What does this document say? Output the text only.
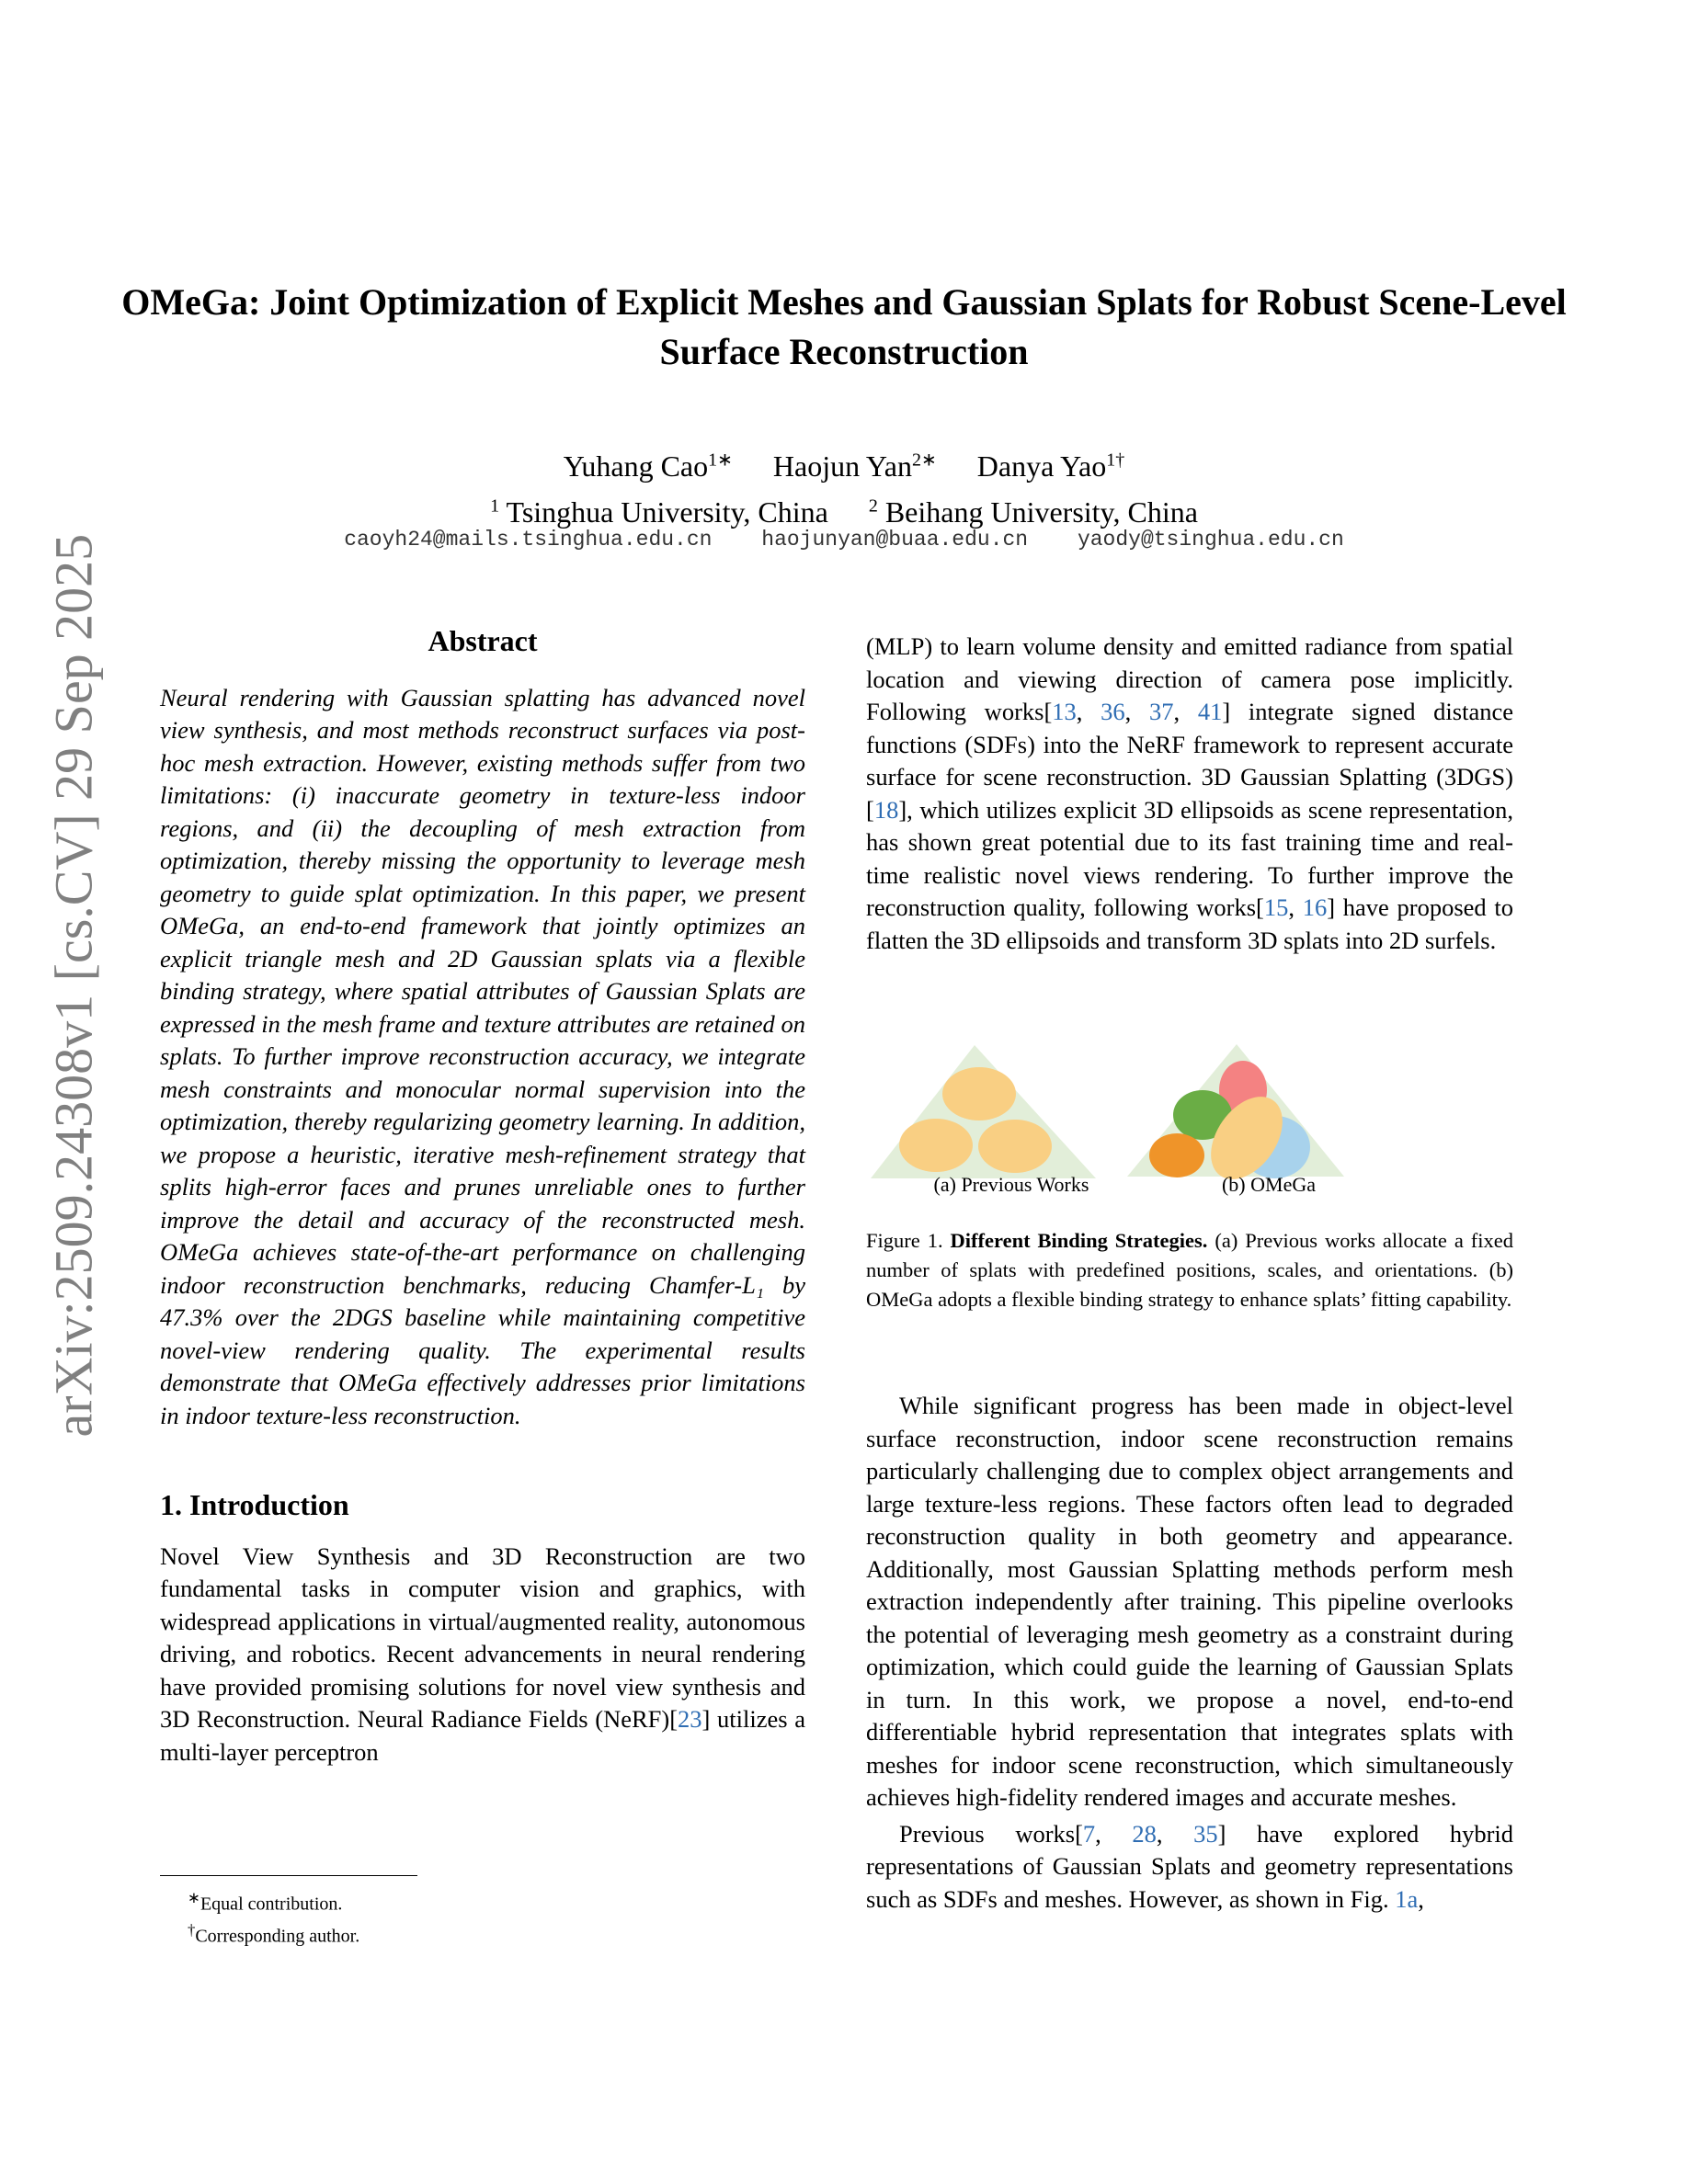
arXiv:2509.24308v1 [cs.CV] 29 Sep 2025
OMeGa: Joint Optimization of Explicit Meshes and Gaussian Splats for Robust Scene-Level Surface Reconstruction
Yuhang Cao$^{1∗}$ Haojun Yan$^{2∗}$ Danya Yao$^{1\dagger}$
$^1$ Tsinghua University, China $^2$ Beihang University, China
caoyh24@mails.tsinghua.edu.cn haojunyan@buaa.edu.cn yaody@tsinghua.edu.cn
Abstract

Neural rendering with Gaussian splatting has advanced novel view synthesis, and most methods reconstruct surfaces via post-hoc mesh extraction. However, existing methods suffer from two limitations: (i) inaccurate geometry in texture-less indoor regions, and (ii) the decoupling of mesh extraction from optimization, thereby missing the opportunity to leverage mesh geometry to guide splat optimization. In this paper, we present OMeGa, an end-to-end framework that jointly optimizes an explicit triangle mesh and 2D Gaussian splats via a flexible binding strategy, where spatial attributes of Gaussian Splats are expressed in the mesh frame and texture attributes are retained on splats. To further improve reconstruction accuracy, we integrate mesh constraints and monocular normal supervision into the optimization, thereby regularizing geometry learning. In addition, we propose a heuristic, iterative mesh-refinement strategy that splits high-error faces and prunes unreliable ones to further improve the detail and accuracy of the reconstructed mesh. OMeGa achieves state-of-the-art performance on challenging indoor reconstruction benchmarks, reducing Chamfer-L₁ by 47.3% over the 2DGS baseline while maintaining competitive novel-view rendering quality. The experimental results demonstrate that OMeGa effectively addresses prior limitations in indoor texture-less reconstruction.

1. Introduction

Novel View Synthesis and 3D Reconstruction are two fundamental tasks in computer vision and graphics, with widespread applications in virtual/augmented reality, autonomous driving, and robotics. Recent advancements in neural rendering have provided promising solutions for novel view synthesis and 3D Reconstruction. Neural Radiance Fields (NeRF)[23] utilizes a multi-layer perceptron

(MLP) to learn volume density and emitted radiance from spatial location and viewing direction of camera pose implicitly. Following works[13, 36, 37, 41] integrate signed distance functions (SDFs) into the NeRF framework to represent accurate surface for scene reconstruction. 3D Gaussian Splatting (3DGS)[18], which utilizes explicit 3D ellipsoids as scene representation, has shown great potential due to its fast training time and real-time realistic novel views rendering. To further improve the reconstruction quality, following works[15, 16] have proposed to flatten the 3D ellipsoids and transform 3D splats into 2D surfels.

(a) Previous Works	(b) OMeGa

Figure 1. Different Binding Strategies. (a) Previous works allocate a fixed number of splats with predefined positions, scales, and orientations. (b) OMeGa adopts a flexible binding strategy to enhance splats’ fitting capability.

While significant progress has been made in object-level surface reconstruction, indoor scene reconstruction remains particularly challenging due to complex object arrangements and large texture-less regions. These factors often lead to degraded reconstruction quality in both geometry and appearance. Additionally, most Gaussian Splatting methods perform mesh extraction independently after training. This pipeline overlooks the potential of leveraging mesh geometry as a constraint during optimization, which could guide the learning of Gaussian Splats in turn. In this work, we propose a novel, end-to-end differentiable hybrid representation that integrates splats with meshes for indoor scene reconstruction, which simultaneously achieves high-fidelity rendered images and accurate meshes.

Previous works[7, 28, 35] have explored hybrid representations of Gaussian Splats and geometry representations such as SDFs and meshes. However, as shown in Fig. 1a,

∗Equal contribution.
†Corresponding author.
